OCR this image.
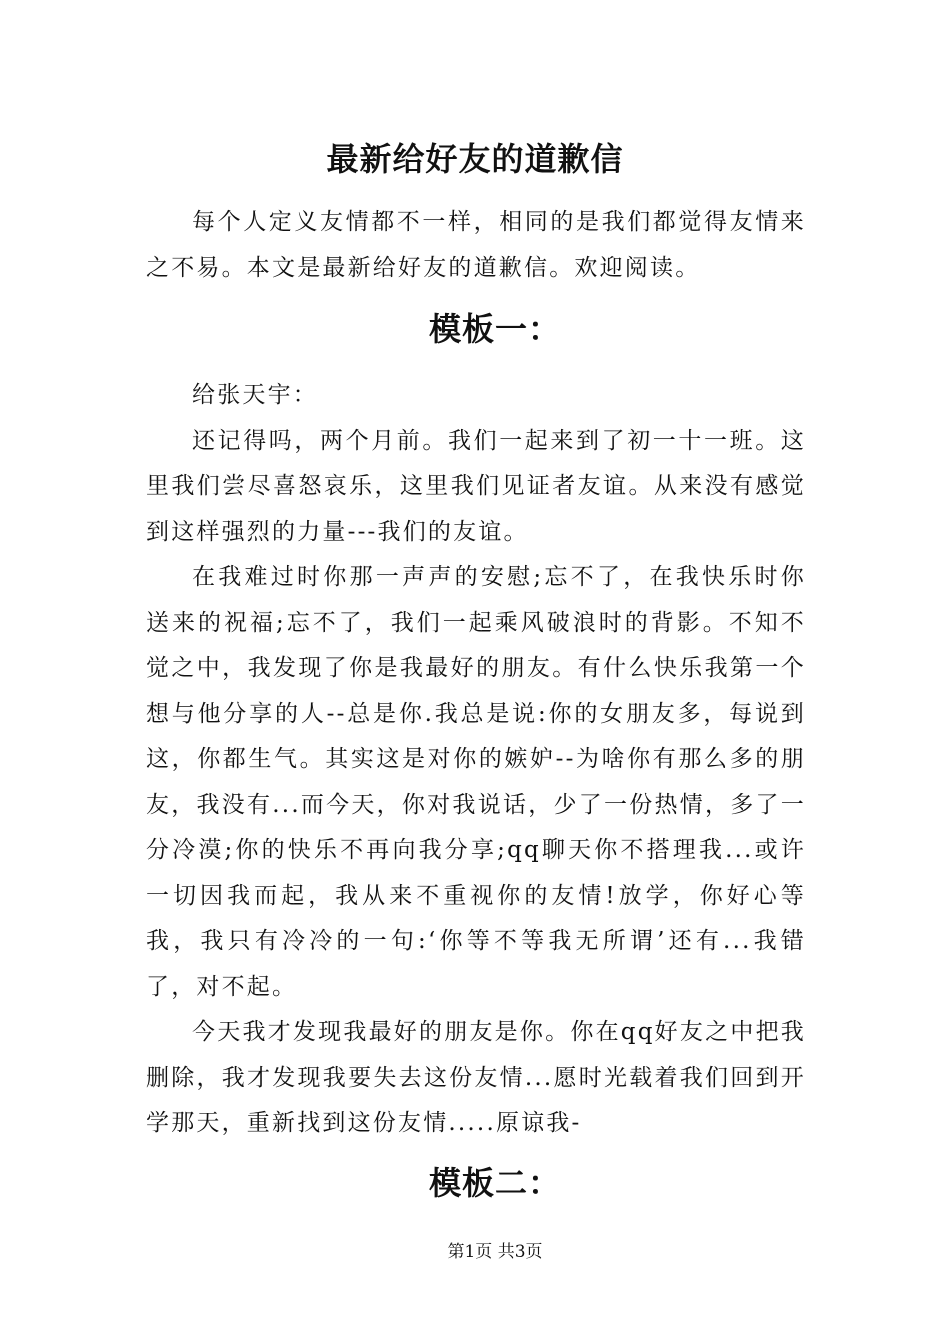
最新给好友的道歉信

每个人定义友情都不一样，相同的是我们都觉得友情来之不易。本文是最新给好友的道歉信。欢迎阅读。

模板一：

给张天宇：

还记得吗，两个月前。我们一起来到了初一十一班。这里我们尝尽喜怒哀乐，这里我们见证者友谊。从来没有感觉到这样强烈的力量---我们的友谊。

在我难过时你那一声声的安慰;忘不了，在我快乐时你送来的祝福;忘不了，我们一起乘风破浪时的背影。不知不觉之中，我发现了你是我最好的朋友。有什么快乐我第一个想与他分享的人--总是你.我总是说:你的女朋友多，每说到这，你都生气。其实这是对你的嫉妒--为啥你有那么多的朋友，我没有...而今天，你对我说话，少了一份热情，多了一分冷漠;你的快乐不再向我分享;qq聊天你不搭理我...或许一切因我而起，我从来不重视你的友情!放学，你好心等我，我只有冷冷的一句:‘你等不等我无所谓’还有...我错了，对不起。

今天我才发现我最好的朋友是你。你在qq好友之中把我删除，我才发现我要失去这份友情...愿时光载着我们回到开学那天，重新找到这份友情.....原谅我-

模板二：
第1页 共3页
